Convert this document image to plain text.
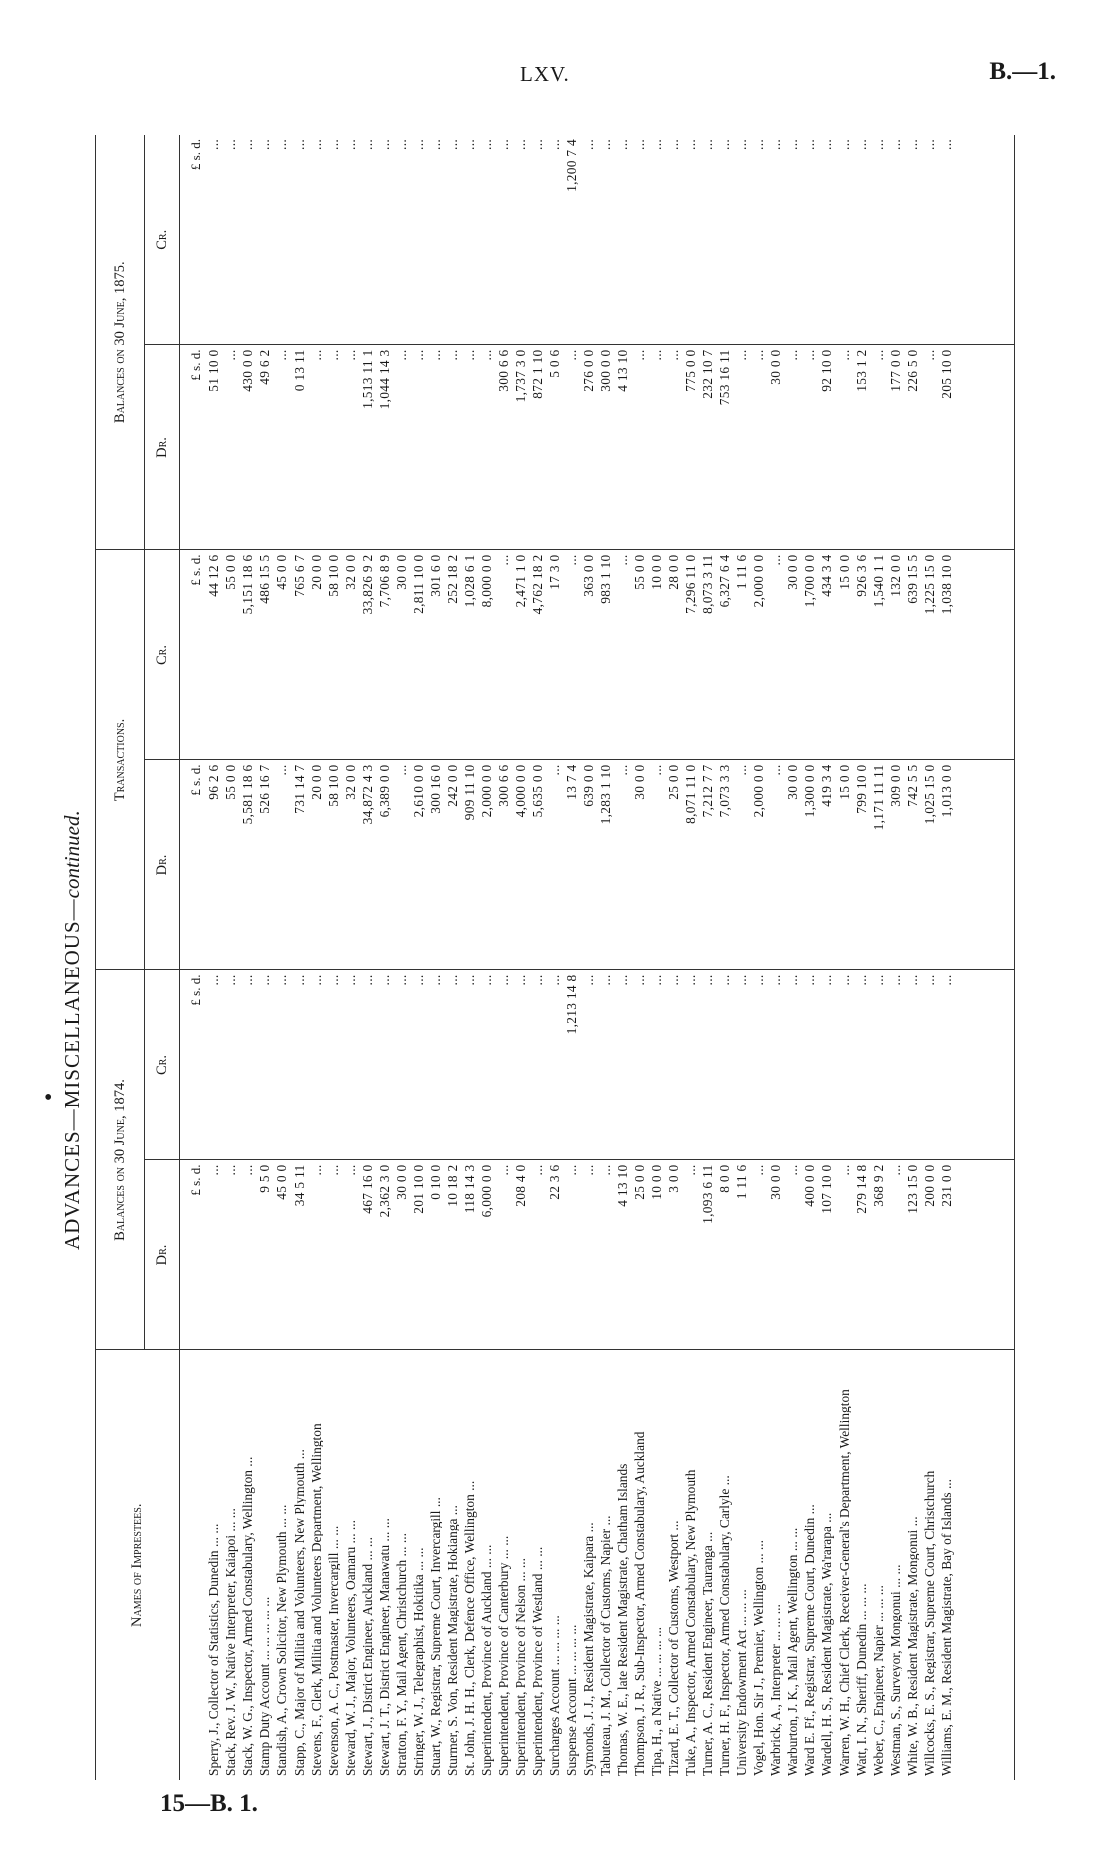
LXV.	B.—1.
15—B. 1.
• ADVANCES—MISCELLANEOUS—continued.
Names of Imprestees.	Balances on 30 June, 1874.		Transactions.		Balances on 30 June, 1875.	
	Dr.	Cr.	Dr.	Cr.	Dr.	Cr.
	£ s. d.	£ s. d.	£ s. d.	£ s. d.	£ s. d.	£ s. d.
Sperry, J., Collector of Statistics, Dunedin ... ...	...	...	96 2 6	44 12 6	51 10 0	...
Stack, Rev. J. W., Native Interpreter, Kaiapoi ... ...	...	...	55 0 0	55 0 0	...	...
Stack, W. G., Inspector, Armed Constabulary, Wellington ...	...	...	5,581 18 6	5,151 18 6	430 0 0	...
Stamp Duty Account ... ... ... ... ...	9 5 0	...	526 16 7	486 15 5	49 6 2	...
Standish, A., Crown Solicitor, New Plymouth ... ...	45 0 0	...	...	45 0 0	...	...
Stapp, C., Major of Militia and Volunteers, New Plymouth ...	34 5 11	...	731 14 7	765 6 7	0 13 11	...
Stevens, F., Clerk, Militia and Volunteers Department, Wellington	...	...	20 0 0	20 0 0	...	...
Stevenson, A. C., Postmaster, Invercargill ... ...	...	...	58 10 0	58 10 0	...	...
Steward, W. J., Major, Volunteers, Oamaru ... ...	...	...	32 0 0	32 0 0	...	...
Stewart, J., District Engineer, Auckland ... ...	467 16 0	...	34,872 4 3	33,826 9 2	1,513 11 1	...
Stewart, J. T., District Engineer, Manawatu ... ...	2,362 3 0	...	6,389 0 0	7,706 8 9	1,044 14 3	...
Stratton, F. Y., Mail Agent, Christchurch ... ...	30 0 0	...	...	30 0 0	...	...
Stringer, W. J., Telegraphist, Hokitika ... ...	201 10 0	...	2,610 0 0	2,811 10 0	...	...
Stuart, W., Registrar, Supreme Court, Invercargill ...	0 10 0	...	300 16 0	301 6 0	...	...
Sturmer, S. Von, Resident Magistrate, Hokianga ...	10 18 2	...	242 0 0	252 18 2	...	...
St. John, J. H. H., Clerk, Defence Office, Wellington ...	118 14 3	...	909 11 10	1,028 6 1	...	...
Superintendent, Province of Auckland ... ...	6,000 0 0	...	2,000 0 0	8,000 0 0	...	...
Superintendent, Province of Canterbury ... ...	...	...	300 6 6	...	300 6 6	...
Superintendent, Province of Nelson ... ...	208 4 0	...	4,000 0 0	2,471 1 0	1,737 3 0	...
Superintendent, Province of Westland ... ...	...	...	5,635 0 0	4,762 18 2	872 1 10	...
Surcharges Account ... ... ... ...	22 3 6	...	...	17 3 0	5 0 6	...
Suspense Account ... ... ... ...	...	1,213 14 8	13 7 4	...	...	1,200 7 4
Symonds, J. J., Resident Magistrate, Kaipara ...	...	...	639 0 0	363 0 0	276 0 0	...
Tabuteau, J. M., Collector of Customs, Napier ...	...	...	1,283 1 10	983 1 10	300 0 0	...
Thomas, W. E., late Resident Magistrate, Chatham Islands	4 13 10	...	...	...	4 13 10	...
Thompson, J. R., Sub-Inspector, Armed Constabulary, Auckland	25 0 0	...	30 0 0	55 0 0	...	...
Tipa, H., a Native ... ... ... ...	10 0 0	...	...	10 0 0	...	...
Tizard, E. T., Collector of Customs, Westport ...	3 0 0	...	25 0 0	28 0 0	...	...
Tuke, A., Inspector, Armed Constabulary, New Plymouth	...	...	8,071 11 0	7,296 11 0	775 0 0	...
Turner, A. C., Resident Engineer, Tauranga ...	1,093 6 11	...	7,212 7 7	8,073 3 11	232 10 7	...
Turner, H. F., Inspector, Armed Constabulary, Carlyle ...	8 0 0	...	7,073 3 3	6,327 6 4	753 16 11	...
University Endowment Act ... ... ...	1 11 6	...	...	1 11 6	...	...
Vogel, Hon. Sir J., Premier, Wellington ... ...	...	...	2,000 0 0	2,000 0 0	...	...
Warbrick, A., Interpreter ... ... ...	30 0 0	...	...	...	30 0 0	...
Warburton, J. K., Mail Agent, Wellington ... ...	...	...	30 0 0	30 0 0	...	...
Ward E. Ff., Registrar, Supreme Court, Dunedin ...	400 0 0	...	1,300 0 0	1,700 0 0	...	...
Wardell, H. S., Resident Magistrate, Wa'rarapa ...	107 10 0	...	419 3 4	434 3 4	92 10 0	...
Warren, W. H., Chief Clerk, Receiver-General's Department, Wellington	...	...	15 0 0	15 0 0	...	...
Watt, I. N., Sheriff, Dunedin ... ... ...	279 14 8	...	799 10 0	926 3 6	153 1 2	...
Weber, C., Engineer, Napier ... ... ...	368 9 2	...	1,171 11 11	1,540 1 1	...	...
Westman, S., Surveyor, Mongonui ... ...	...	...	309 0 0	132 0 0	177 0 0	...
White, W. B., Resident Magistrate, Mongonui ...	123 15 0	...	742 5 5	639 15 5	226 5 0	...
Willcocks, E. S., Registrar, Supreme Court, Christchurch	200 0 0	...	1,025 15 0	1,225 15 0	...	...
Williams, E. M., Resident Magistrate, Bay of Islands ...	231 0 0	...	1,013 0 0	1,038 10 0	205 10 0	...
